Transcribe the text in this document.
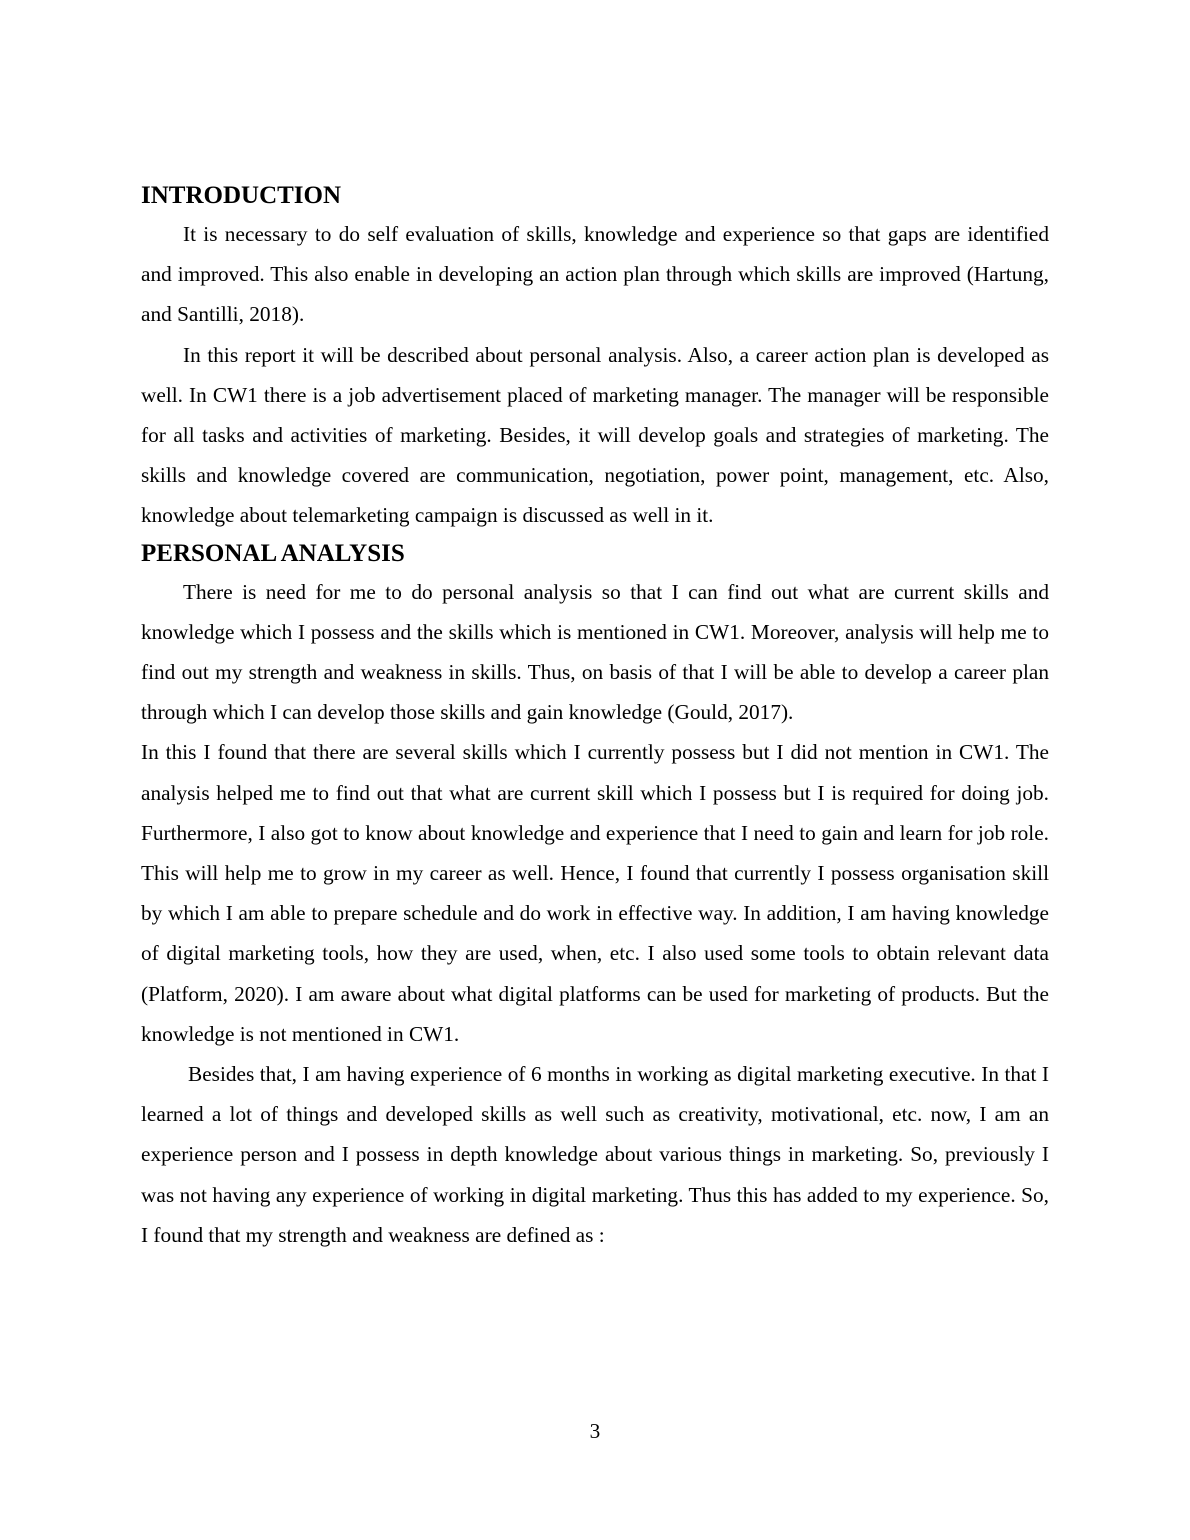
INTRODUCTION

It is necessary to do self evaluation of skills, knowledge and experience so that gaps are identified and improved. This also enable in developing an action plan through which skills are improved (Hartung, and Santilli, 2018).

In this report it will be described about personal analysis. Also, a career action plan is developed as well. In CW1 there is a job advertisement placed of marketing manager. The manager will be responsible for all tasks and activities of marketing. Besides, it will develop goals and strategies of marketing. The skills and knowledge covered are communication, negotiation, power point, management, etc. Also, knowledge about telemarketing campaign is discussed as well in it.

PERSONAL ANALYSIS

There is need for me to do personal analysis so that I can find out what are current skills and knowledge which I possess and the skills which is mentioned in CW1. Moreover, analysis will help me to find out my strength and weakness in skills. Thus, on basis of that I will be able to develop a career plan through which I can develop those skills and gain knowledge (Gould, 2017).

In this I found that there are several skills which I currently possess but I did not mention in CW1. The analysis helped me to find out that what are current skill which I possess but I is required for doing job. Furthermore, I also got to know about knowledge and experience that I need to gain and learn for job role. This will help me to grow in my career as well. Hence, I found that currently I possess organisation skill by which I am able to prepare schedule and do work in effective way. In addition, I am having knowledge of digital marketing tools, how they are used, when, etc. I also used some tools to obtain relevant data (Platform, 2020). I am aware about what digital platforms can be used for marketing of products. But the knowledge is not mentioned in CW1.

Besides that, I am having experience of 6 months in working as digital marketing executive. In that I learned a lot of things and developed skills as well such as creativity, motivational, etc. now, I am an experience person and I possess in depth knowledge about various things in marketing. So, previously I was not having any experience of working in digital marketing. Thus this has added to my experience. So, I found that my strength and weakness are defined as :

3
